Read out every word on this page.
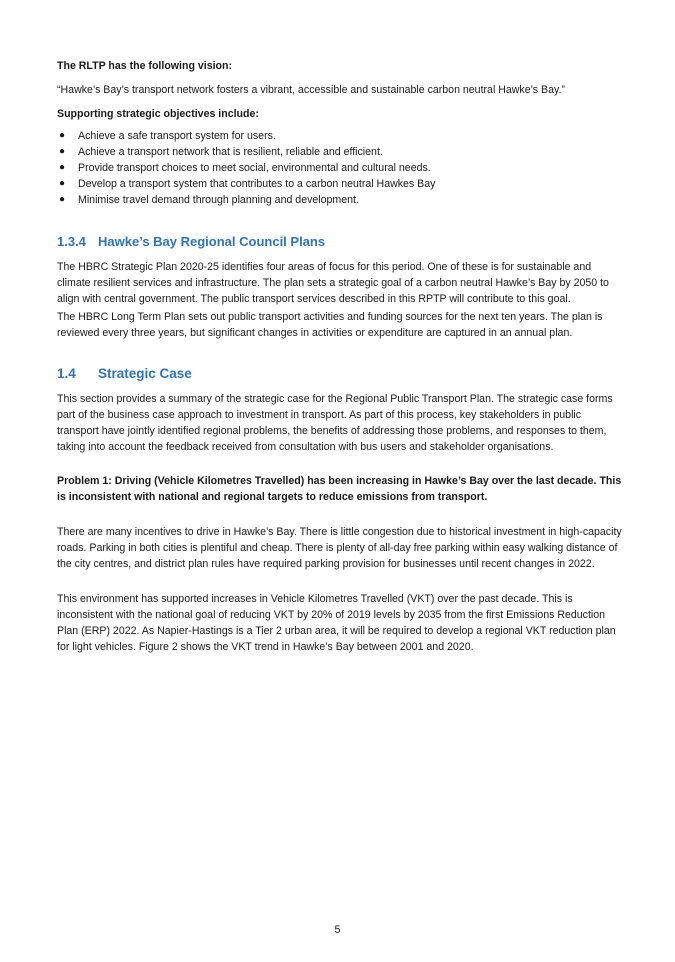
The RLTP has the following vision:

“Hawke’s Bay’s transport network fosters a vibrant, accessible and sustainable carbon neutral Hawke’s Bay.”

Supporting strategic objectives include:

● Achieve a safe transport system for users.
● Achieve a transport network that is resilient, reliable and efficient.
● Provide transport choices to meet social, environmental and cultural needs.
● Develop a transport system that contributes to a carbon neutral Hawkes Bay
● Minimise travel demand through planning and development.
1.3.4 Hawke’s Bay Regional Council Plans

The HBRC Strategic Plan 2020-25 identifies four areas of focus for this period. One of these is for sustainable and climate resilient services and infrastructure. The plan sets a strategic goal of a carbon neutral Hawke’s Bay by 2050 to align with central government. The public transport services described in this RPTP will contribute to this goal.

The HBRC Long Term Plan sets out public transport activities and funding sources for the next ten years. The plan is reviewed every three years, but significant changes in activities or expenditure are captured in an annual plan.

1.4 Strategic Case

This section provides a summary of the strategic case for the Regional Public Transport Plan. The strategic case forms part of the business case approach to investment in transport. As part of this process, key stakeholders in public transport have jointly identified regional problems, the benefits of addressing those problems, and responses to them, taking into account the feedback received from consultation with bus users and stakeholder organisations.

Problem 1: Driving (Vehicle Kilometres Travelled) has been increasing in Hawke’s Bay over the last decade. This is inconsistent with national and regional targets to reduce emissions from transport.

There are many incentives to drive in Hawke’s Bay. There is little congestion due to historical investment in high-capacity roads. Parking in both cities is plentiful and cheap. There is plenty of all-day free parking within easy walking distance of the city centres, and district plan rules have required parking provision for businesses until recent changes in 2022.

This environment has supported increases in Vehicle Kilometres Travelled (VKT) over the past decade. This is inconsistent with the national goal of reducing VKT by 20% of 2019 levels by 2035 from the first Emissions Reduction Plan (ERP) 2022. As Napier-Hastings is a Tier 2 urban area, it will be required to develop a regional VKT reduction plan for light vehicles. Figure 2 shows the VKT trend in Hawke’s Bay between 2001 and 2020.

5
